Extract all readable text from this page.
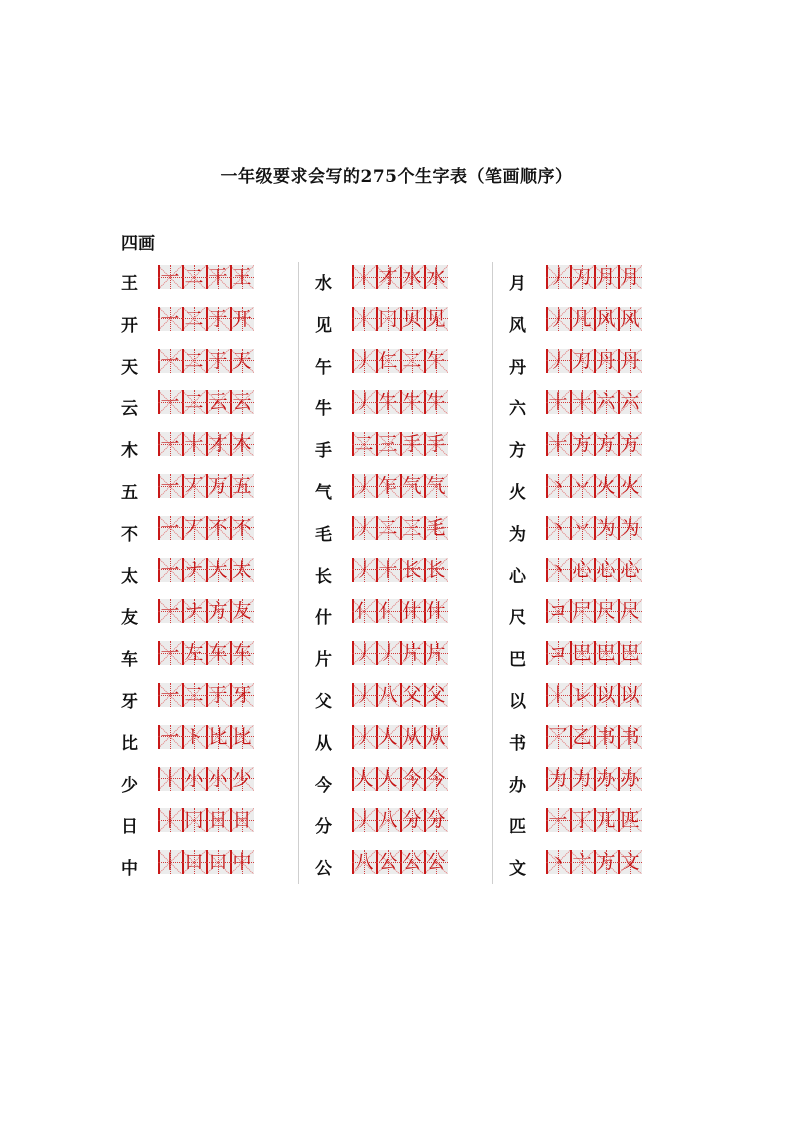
一年级要求会写的275个生字表（笔画顺序）
四画
王 一 二 干 王
开 一 二 于 开
天 一 二 于 天
云 一 二 云 云
木 一 十 才 木
五 一 丆 万 五
不 一 丆 不 不
太 一 ナ 大 太
友 一 ナ 方 友
车 一 左 车 车
牙 一 二 于 牙
比 一 ト 比 比
少 丨 小 小 少
日 丨 冂 日 日
中 丨 口 口 中
水 丨 才 水 水
见 丨 冂 贝 见
午 丿 仁 二 午
牛 丿 牛 牛 牛
手 二 三 手 手
气 丿 乍 气 气
毛 丿 二 三 毛
长 丿 十 长 长
什 亻 亻 什 什
片 丿 丿 片 片
父 丿 八 父 父
从 丿 人 从 从
今 人 人 今 今
分 丿 八 分 分
公 八 公 公 公
月 丿 刀 月 月
风 丿 几 风 风
丹 丿 刀 丹 丹
六 十 十 六 六
方 十 方 方 方
火 丶 丷 火 火
为 丶 丷 为 为
心 丶 心 心 心
尺 コ 尸 尺 尺
巴 コ 巴 巴 巴
以 丨 レ 以 以
书 乛 乙 书 书
办 力 力 办 办
匹 一 丁 兀 匹
文 丶 亠 方 文
